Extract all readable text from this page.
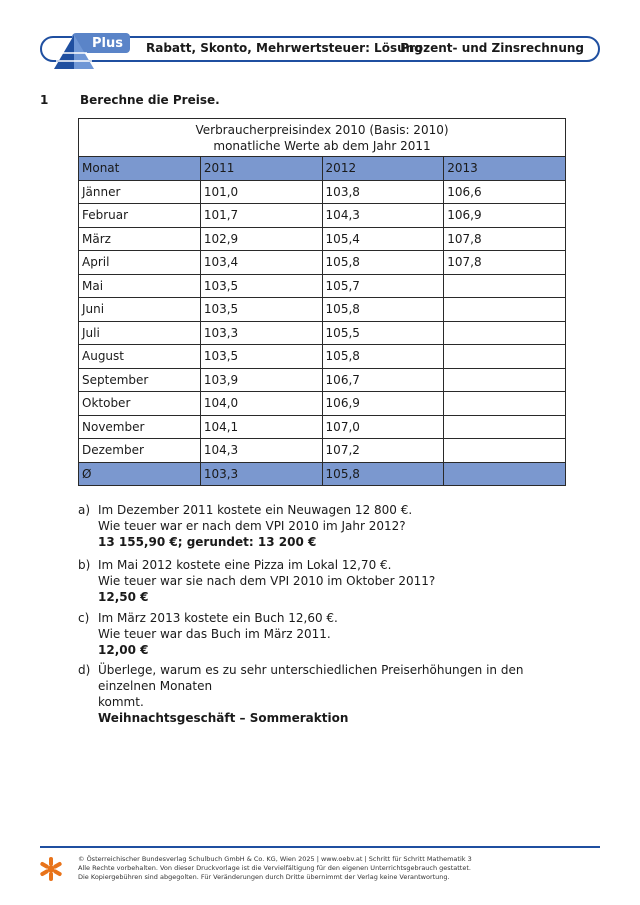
Plus Rabatt, Skonto, Mehrwertsteuer: Lösung
Prozent- und Zinsrechnung
1	Berechne die Preise.
Verbraucherpreisindex 2010 (Basis: 2010)
monatliche Werte ab dem Jahr 2011			

Monat	2011	2012	2013
Jänner	101,0	103,8	106,6
Februar	101,7	104,3	106,9
März	102,9	105,4	107,8
April	103,4	105,8	107,8
Mai	103,5	105,7	
Juni	103,5	105,8	
Juli	103,3	105,5	
August	103,5	105,8	
September	103,9	106,7	
Oktober	104,0	106,9	
November	104,1	107,0	
Dezember	104,3	107,2	
Ø	103,3	105,8	
a) Im Dezember 2011 kostete ein Neuwagen 12 800 €.
Wie teuer war er nach dem VPI 2010 im Jahr 2012?
13 155,90 €; gerundet: 13 200 €
b) Im Mai 2012 kostete eine Pizza im Lokal 12,70 €.
Wie teuer war sie nach dem VPI 2010 im Oktober 2011?
12,50 €
c) Im März 2013 kostete ein Buch 12,60 €.
Wie teuer war das Buch im März 2011.
12,00 €
d) Überlege, warum es zu sehr unterschiedlichen Preiserhöhungen in den einzelnen Monaten
kommt.
Weihnachtsgeschäft – Sommeraktion
© Österreichischer Bundesverlag Schulbuch GmbH & Co. KG, Wien 2025 | www.oebv.at | Schritt für Schritt Mathematik 3
Alle Rechte vorbehalten. Von dieser Druckvorlage ist die Vervielfältigung für den eigenen Unterrichtsgebrauch gestattet.
Die Kopiergebühren sind abgegolten. Für Veränderungen durch Dritte übernimmt der Verlag keine Verantwortung.
